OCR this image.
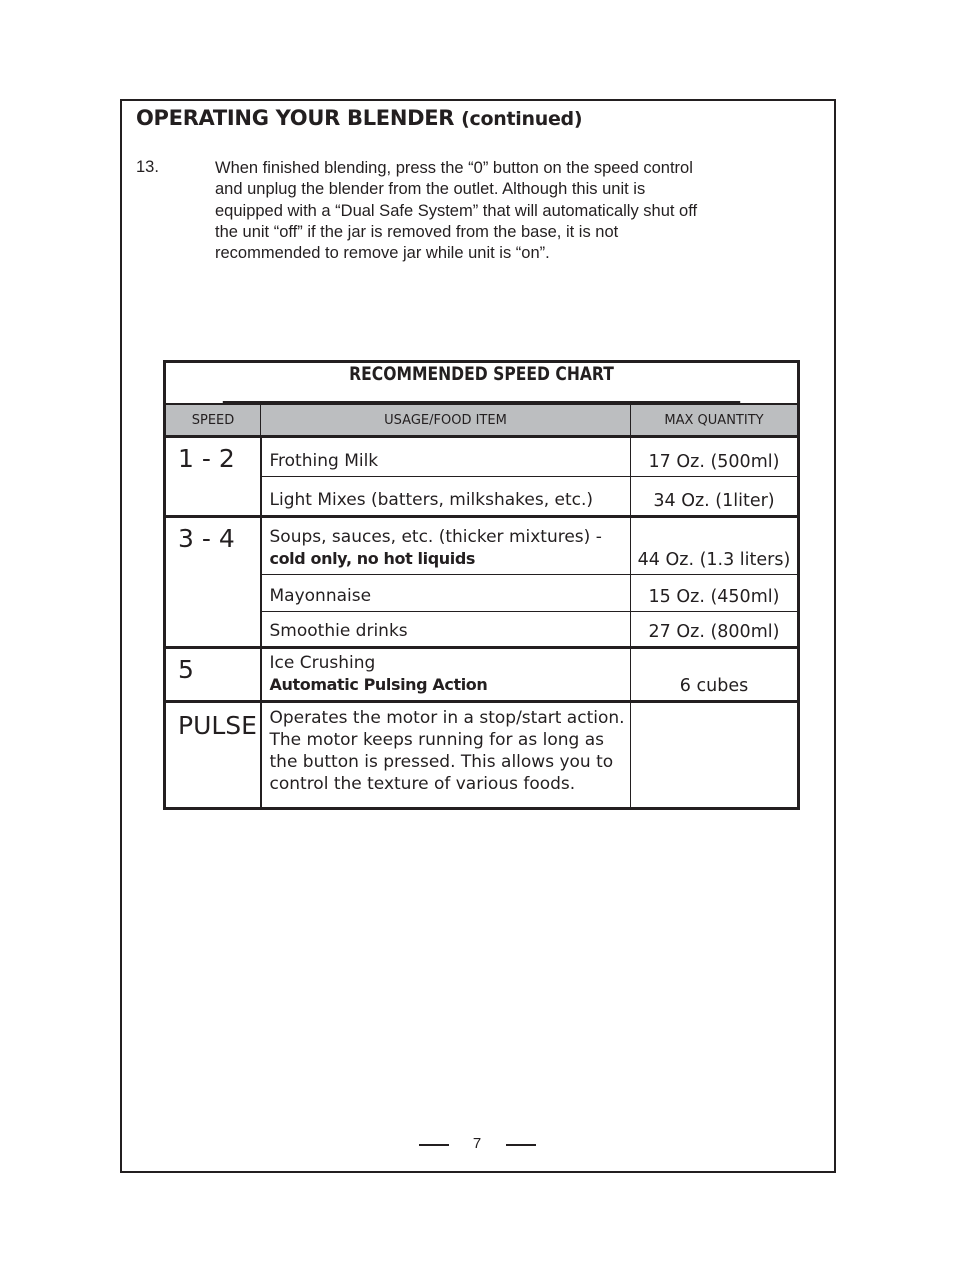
OPERATING YOUR BLENDER (continued)
13.	When finished blending, press the “0” button on the speed control
and unplug the blender from the outlet. Although this unit is
equipped with a “Dual Safe System” that will automatically shut off
the unit “off” if the jar is removed from the base, it is not
recommended to remove jar while unit is “on”.
RECOMMENDED SPEED CHART		

SPEED	USAGE/FOOD ITEM	MAX QUANTITY
1 - 2	Frothing Milk	17 Oz. (500ml)
	Light Mixes (batters, milkshakes, etc.)	34 Oz. (1liter)
3 - 4	Soups, sauces, etc. (thicker mixtures) -
cold only, no hot liquids	44 Oz. (1.3 liters)
	Mayonnaise	15 Oz. (450ml)
	Smoothie drinks	27 Oz. (800ml)
5	Ice Crushing
Automatic Pulsing Action	6 cubes
PULSE	Operates the motor in a stop/start action.
The motor keeps running for as long as
the button is pressed. This allows you to
control the texture of various foods.	

7
